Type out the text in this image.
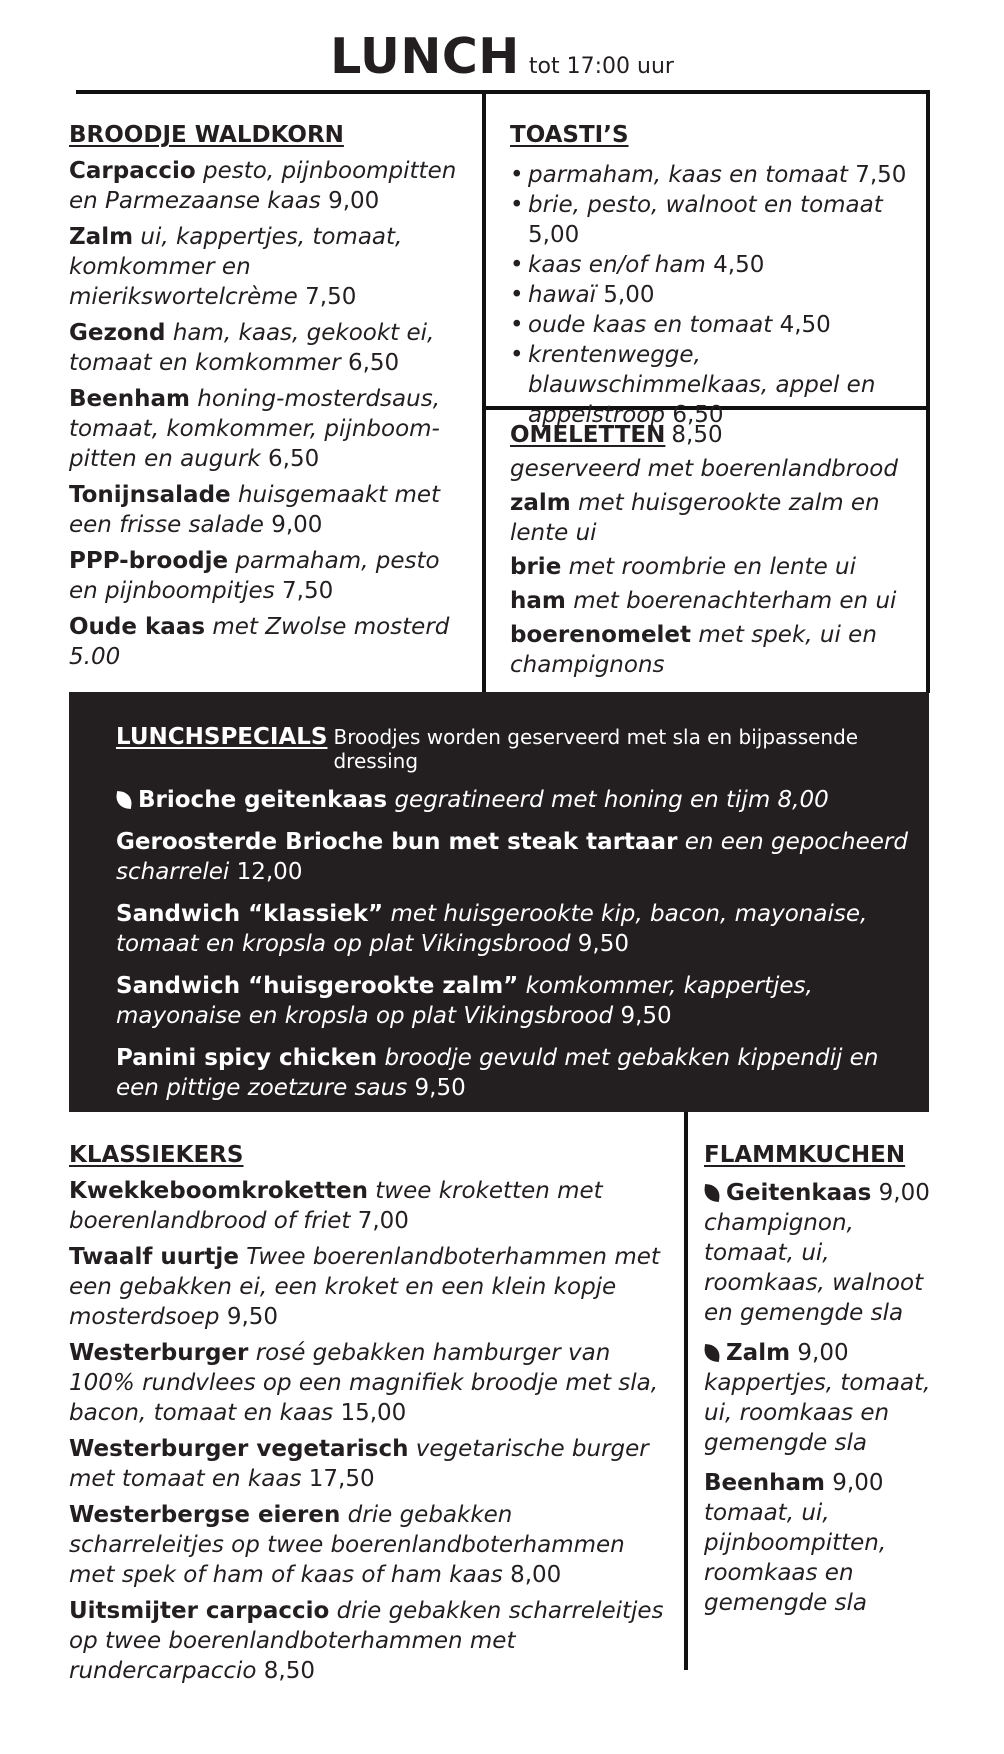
LUNCH tot 17:00 uur
BROODJE WALDKORN
Carpaccio pesto, pijnboompitten en Parmezaanse kaas 9,00
Zalm ui, kappertjes, tomaat, komkommer en mierikswortelcrème 7,50
Gezond ham, kaas, gekookt ei, tomaat en komkommer 6,50
Beenham honing-mosterdsaus, tomaat, komkommer, pijnboom-pitten en augurk 6,50
Tonijnsalade huisgemaakt met een frisse salade 9,00
PPP-broodje parmaham, pesto en pijnboompitjes 7,50
Oude kaas met Zwolse mosterd 5.00
TOASTI’S
• parmaham, kaas en tomaat 7,50
• brie, pesto, walnoot en tomaat 5,00
• kaas en/of ham 4,50
• hawaï 5,00
• oude kaas en tomaat 4,50
• krentenwegge, blauwschimmelkaas, appel en appelstroop 6,50
OMELETTEN 8,50
geserveerd met boerenlandbrood
zalm met huisgerookte zalm en lente ui
brie met roombrie en lente ui
ham met boerenachterham en ui
boerenomelet met spek, ui en champignons
LUNCHSPECIALS Broodjes worden geserveerd met sla en bijpassende dressing
Brioche geitenkaas gegratineerd met honing en tijm 8,00
Geroosterde Brioche bun met steak tartaar en een gepocheerd scharrelei 12,00
Sandwich “klassiek” met huisgerookte kip, bacon, mayonaise, tomaat en kropsla op plat Vikingsbrood 9,50
Sandwich “huisgerookte zalm” komkommer, kappertjes, mayonaise en kropsla op plat Vikingsbrood 9,50
Panini spicy chicken broodje gevuld met gebakken kippendij en een pittige zoetzure saus 9,50
KLASSIEKERS
Kwekkeboomkroketten twee kroketten met boerenlandbrood of friet 7,00
Twaalf uurtje Twee boerenlandboterhammen met een gebakken ei, een kroket en een klein kopje mosterdsoep 9,50
Westerburger rosé gebakken hamburger van 100% rundvlees op een magnifiek broodje met sla, bacon, tomaat en kaas 15,00
Westerburger vegetarisch vegetarische burger met tomaat en kaas 17,50
Westerbergse eieren drie gebakken scharreleitjes op twee boerenlandboterhammen met spek of ham of kaas of ham kaas 8,00
Uitsmijter carpaccio drie gebakken scharreleitjes op twee boerenlandboterhammen met rundercarpaccio 8,50
FLAMMKUCHEN
Geitenkaas 9,00
champignon, tomaat, ui, roomkaas, walnoot en gemengde sla
Zalm 9,00
kappertjes, tomaat, ui, roomkaas en gemengde sla
Beenham 9,00
tomaat, ui, pijnboompitten, roomkaas en gemengde sla
